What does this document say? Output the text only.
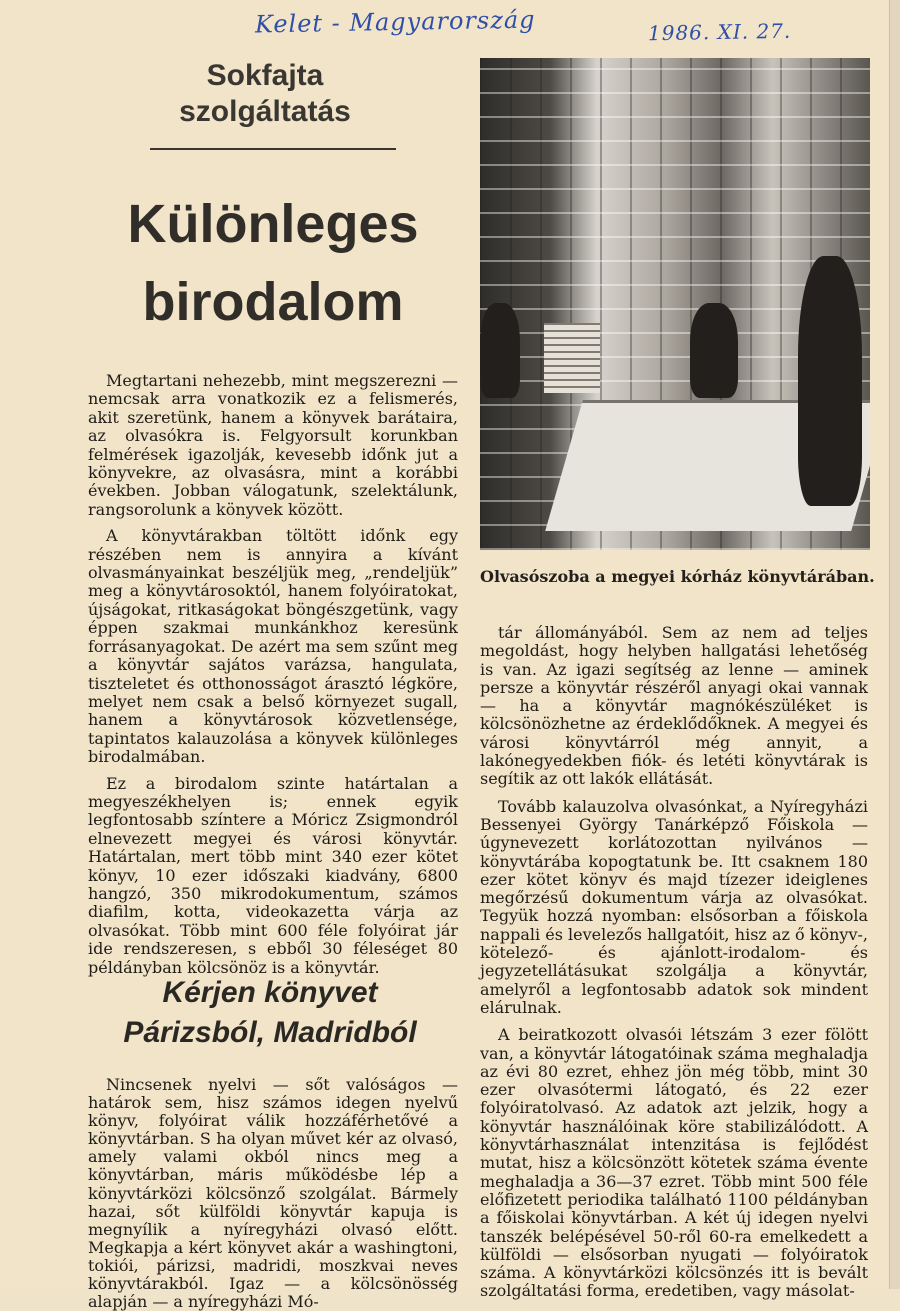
Kelet - Magyarország	1986. XI. 27.
Sokfajta
szolgáltatás
Különleges
birodalom
Olvasószoba a megyei kórház könyvtárában.

Megtartani nehezebb, mint megszerezni — nemcsak arra vonatkozik ez a felismerés, akit szeretünk, hanem a könyvek barátaira, az olvasókra is. Felgyorsult korunkban felmérések igazolják, kevesebb időnk jut a könyvekre, az olvasásra, mint a korábbi években. Jobban válogatunk, szelektálunk, rangsorolunk a könyvek között.

A könyvtárakban töltött időnk egy részében nem is annyira a kívánt olvasmányainkat beszéljük meg, „rendeljük” meg a könyvtárosoktól, hanem folyóiratokat, újságokat, ritkaságokat böngészgetünk, vagy éppen szakmai munkánkhoz keresünk forrásanyagokat. De azért ma sem szűnt meg a könyvtár sajátos varázsa, hangulata, tiszteletet és otthonosságot árasztó légköre, melyet nem csak a belső környezet sugall, hanem a könyvtárosok közvetlensége, tapintatos kalauzolása a könyvek különleges birodalmában.

Ez a birodalom szinte határtalan a megyeszékhelyen is; ennek egyik legfontosabb színtere a Móricz Zsigmondról elnevezett megyei és városi könyvtár. Határtalan, mert több mint 340 ezer kötet könyv, 10 ezer időszaki kiadvány, 6800 hangzó, 350 mikrodokumentum, számos diafilm, kotta, videokazetta várja az olvasókat. Több mint 600 féle folyóirat jár ide rendszeresen, s ebből 30 féleséget 80 példányban kölcsönöz is a könyvtár.

Kérjen könyvet
Párizsból, Madridból

Nincsenek nyelvi — sőt valóságos — határok sem, hisz számos idegen nyelvű könyv, folyóirat válik hozzáférhetővé a könyvtárban. S ha olyan művet kér az olvasó, amely valami okból nincs meg a könyvtárban, máris működésbe lép a könyvtárközi kölcsönző szolgálat. Bármely hazai, sőt külföldi könyvtár kapuja is megnyílik a nyíregyházi olvasó előtt. Megkapja a kért könyvet akár a washingtoni, tokiói, párizsi, madridi, moszkvai neves könyvtárakból. Igaz — a kölcsönösség alapján — a nyíregyházi Mó-

tár állományából. Sem az nem ad teljes megoldást, hogy helyben hallgatási lehetőség is van. Az igazi segítség az lenne — aminek persze a könyvtár részéről anyagi okai vannak — ha a könyvtár magnókészüléket is kölcsönözhetne az érdeklődőknek. A megyei és városi könyvtárról még annyit, a lakónegyedekben fiók- és letéti könyvtárak is segítik az ott lakók ellátását.

Tovább kalauzolva olvasónkat, a Nyíregyházi Bessenyei György Tanárképző Főiskola — úgynevezett korlátozottan nyilvános — könyvtárába kopogtatunk be. Itt csaknem 180 ezer kötet könyv és majd tízezer ideiglenes megőrzésű dokumentum várja az olvasókat. Tegyük hozzá nyomban: elsősorban a főiskola nappali és levelezős hallgatóit, hisz az ő könyv-, kötelező- és ajánlott-irodalom- és jegyzetellátásukat szolgálja a könyvtár, amelyről a legfontosabb adatok sok mindent elárulnak.

A beiratkozott olvasói létszám 3 ezer fölött van, a könyvtár látogatóinak száma meghaladja az évi 80 ezret, ehhez jön még több, mint 30 ezer olvasótermi látogató, és 22 ezer folyóiratolvasó. Az adatok azt jelzik, hogy a könyvtár használóinak köre stabilizálódott. A könyvtárhasználat intenzitása is fejlődést mutat, hisz a kölcsönzött kötetek száma évente meghaladja a 36—37 ezret. Több mint 500 féle előfizetett periodika található 1100 példányban a főiskolai könyvtárban. A két új idegen nyelvi tanszék belépésével 50-ről 60-ra emelkedett a külföldi — elsősorban nyugati — folyóiratok száma. A könyvtárközi kölcsönzés itt is bevált szolgáltatási forma, eredetiben, vagy másolat-
